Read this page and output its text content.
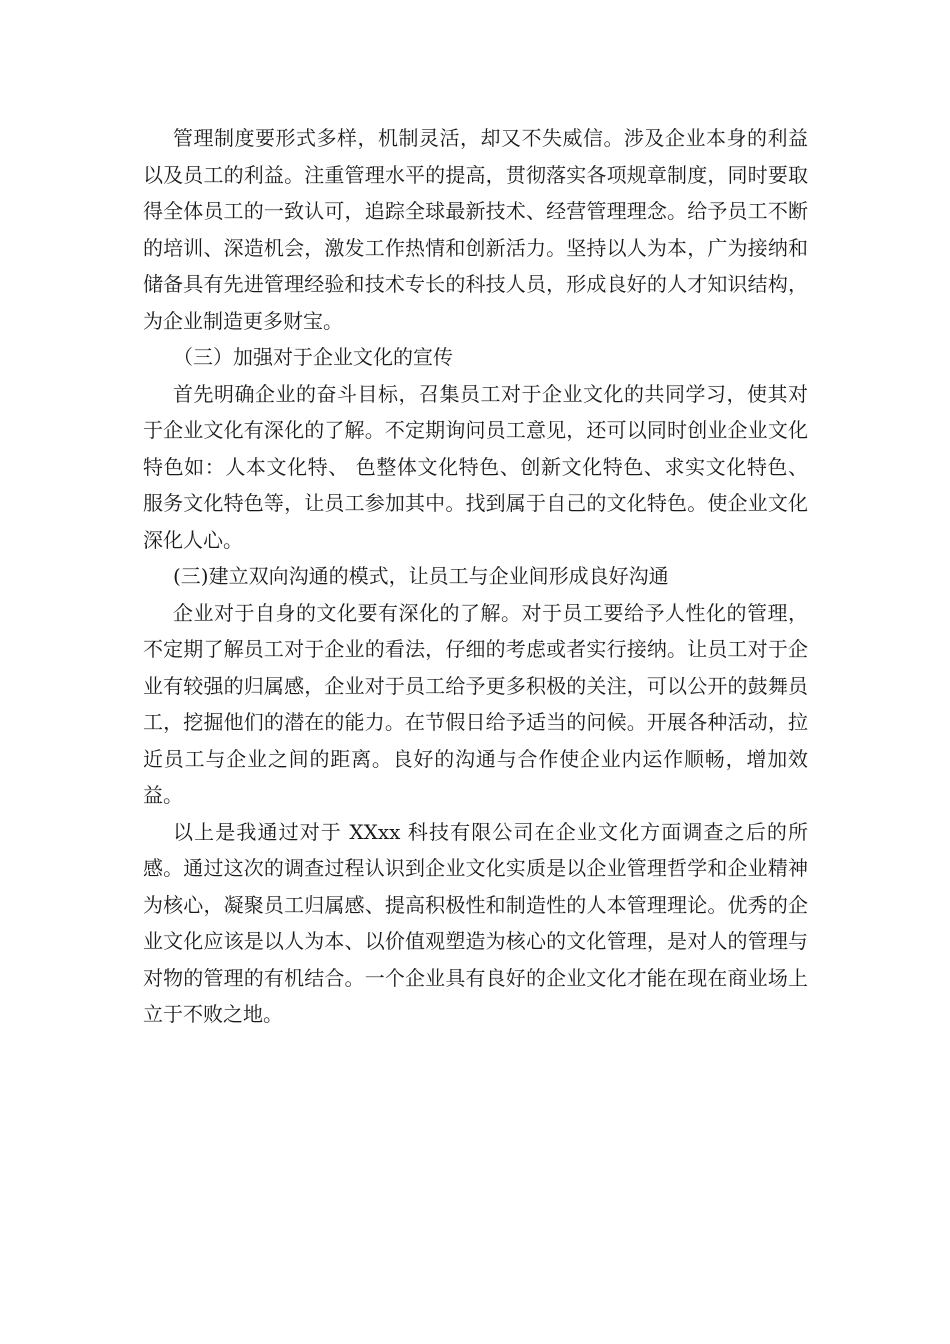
管理制度要形式多样，机制灵活，却又不失威信。涉及企业本身的利益以及员工的利益。注重管理水平的提高，贯彻落实各项规章制度，同时要取得全体员工的一致认可，追踪全球最新技术、经营管理理念。给予员工不断的培训、深造机会，激发工作热情和创新活力。坚持以人为本，广为接纳和储备具有先进管理经验和技术专长的科技人员，形成良好的人才知识结构，为企业制造更多财宝。

（三）加强对于企业文化的宣传

首先明确企业的奋斗目标，召集员工对于企业文化的共同学习，使其对于企业文化有深化的了解。不定期询问员工意见，还可以同时创业企业文化特色如：人本文化特、 色整体文化特色、创新文化特色、求实文化特色、服务文化特色等，让员工参加其中。找到属于自己的文化特色。使企业文化深化人心。

(三)建立双向沟通的模式，让员工与企业间形成良好沟通

企业对于自身的文化要有深化的了解。对于员工要给予人性化的管理，不定期了解员工对于企业的看法，仔细的考虑或者实行接纳。让员工对于企业有较强的归属感，企业对于员工给予更多积极的关注，可以公开的鼓舞员工，挖掘他们的潜在的能力。在节假日给予适当的问候。开展各种活动，拉近员工与企业之间的距离。良好的沟通与合作使企业内运作顺畅，增加效益。

以上是我通过对于 XXxx 科技有限公司在企业文化方面调查之后的所感。通过这次的调查过程认识到企业文化实质是以企业管理哲学和企业精神为核心，凝聚员工归属感、提高积极性和制造性的人本管理理论。优秀的企业文化应该是以人为本、以价值观塑造为核心的文化管理，是对人的管理与对物的管理的有机结合。一个企业具有良好的企业文化才能在现在商业场上立于不败之地。
